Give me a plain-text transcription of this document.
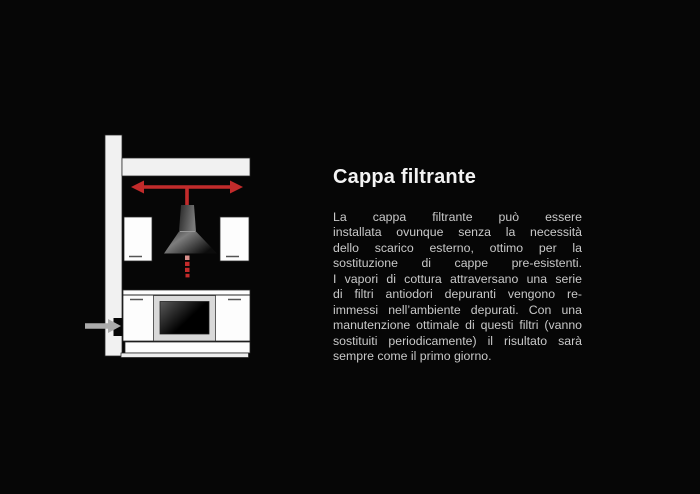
Cappa filtrante
La cappa filtrante può essere
installata ovunque senza la necessità
dello scarico esterno, ottimo per la
sostituzione di cappe pre-esistenti.
I vapori di cottura attraversano una serie
di filtri antiodori depuranti vengono re-
immessi nell’ambiente depurati. Con una
manutenzione ottimale di questi filtri (vanno
sostituiti periodicamente) il risultato sarà
sempre come il primo giorno.
